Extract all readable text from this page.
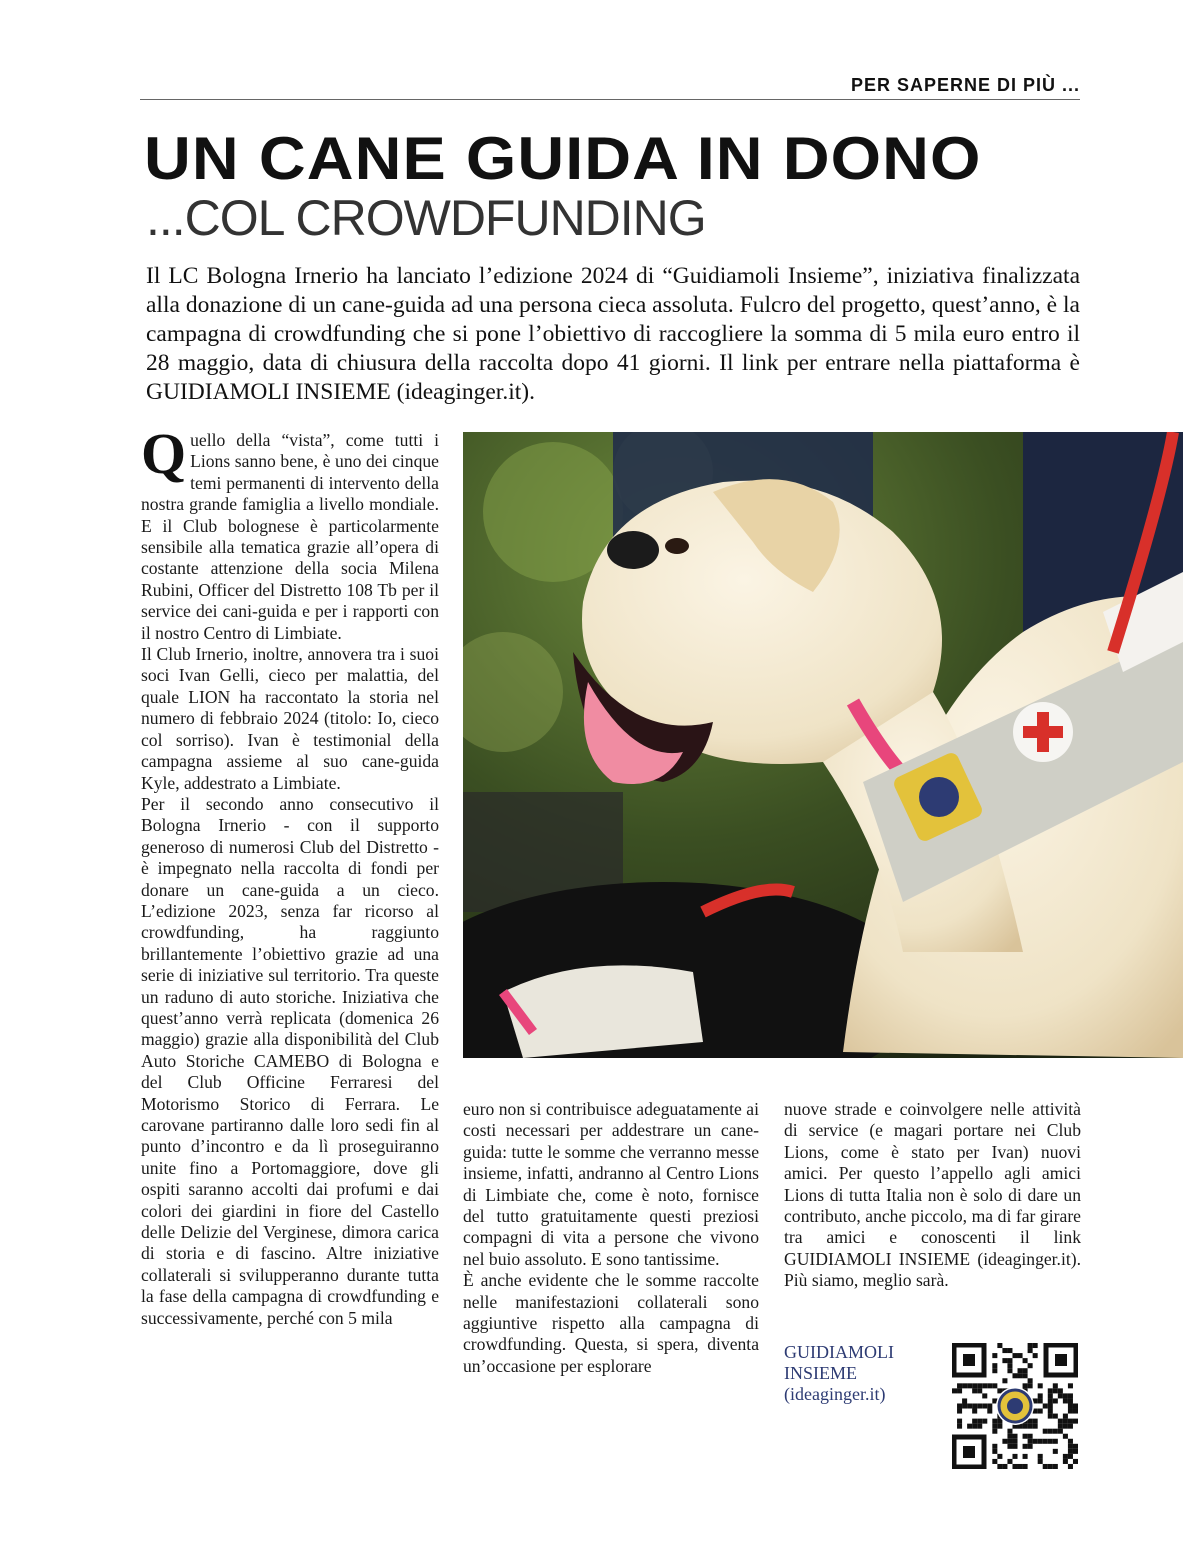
PER SAPERNE DI PIÙ ...
UN CANE GUIDA IN DONO
...COL CROWDFUNDING

Il LC Bologna Irnerio ha lanciato l’edizione 2024 di “Guidiamoli Insieme”, iniziativa finalizzata alla donazione di un cane-guida ad una persona cieca assoluta. Fulcro del progetto, quest’anno, è la campagna di crowdfunding che si pone l’obiettivo di raccogliere la somma di 5 mila euro entro il 28 maggio, data di chiusura della raccolta dopo 41 giorni. Il link per entrare nella piattaforma è GUIDIAMOLI INSIEME (ideaginger.it).

Q uello della “vista”, come tutti i Lions sanno bene, è uno dei cinque temi permanenti di intervento della nostra grande famiglia a livello mondiale. E il Club bolognese è particolarmente sensibile alla tematica grazie all’opera di costante attenzione della socia Milena Rubini, Officer del Distretto 108 Tb per il service dei cani-guida e per i rapporti con il nostro Centro di Limbiate.

Il Club Irnerio, inoltre, annovera tra i suoi soci Ivan Gelli, cieco per malattia, del quale LION ha raccontato la storia nel numero di febbraio 2024 (titolo: Io, cieco col sorriso). Ivan è testimonial della campagna assieme al suo cane-guida Kyle, addestrato a Limbiate.

Per il secondo anno consecutivo il Bologna Irnerio - con il supporto generoso di numerosi Club del Distretto - è impegnato nella raccolta di fondi per donare un cane-guida a un cieco. L’edizione 2023, senza far ricorso al crowdfunding, ha raggiunto brillantemente l’obiettivo grazie ad una serie di iniziative sul territorio. Tra queste un raduno di auto storiche. Iniziativa che quest’anno verrà replicata (domenica 26 maggio) grazie alla disponibilità del Club Auto Storiche CAMEBO di Bologna e del Club Officine Ferraresi del Motorismo Storico di Ferrara. Le carovane partiranno dalle loro sedi fin al punto d’incontro e da lì proseguiranno unite fino a Portomaggiore, dove gli ospiti saranno accolti dai profumi e dai colori dei giardini in fiore del Castello delle Delizie del Verginese, dimora carica di storia e di fascino. Altre iniziative collaterali si svilupperanno durante tutta la fase della campagna di crowdfunding e successivamente, perché con 5 mila

euro non si contribuisce adeguatamente ai costi necessari per addestrare un cane-guida: tutte le somme che verranno messe insieme, infatti, andranno al Centro Lions di Limbiate che, come è noto, fornisce del tutto gratuitamente questi preziosi compagni di vita a persone che vivono nel buio assoluto. E sono tantissime.

È anche evidente che le somme raccolte nelle manifestazioni collaterali sono aggiuntive rispetto alla campagna di crowdfunding. Questa, si spera, diventa un’occasione per esplorare

nuove strade e coinvolgere nelle attività di service (e magari portare nei Club Lions, come è stato per Ivan) nuovi amici. Per questo l’appello agli amici Lions di tutta Italia non è solo di dare un contributo, anche piccolo, ma di far girare tra amici e conoscenti il link GUIDIAMOLI INSIEME (ideaginger.it). Più siamo, meglio sarà.

GUIDIAMOLI
INSIEME
(ideaginger.it)
